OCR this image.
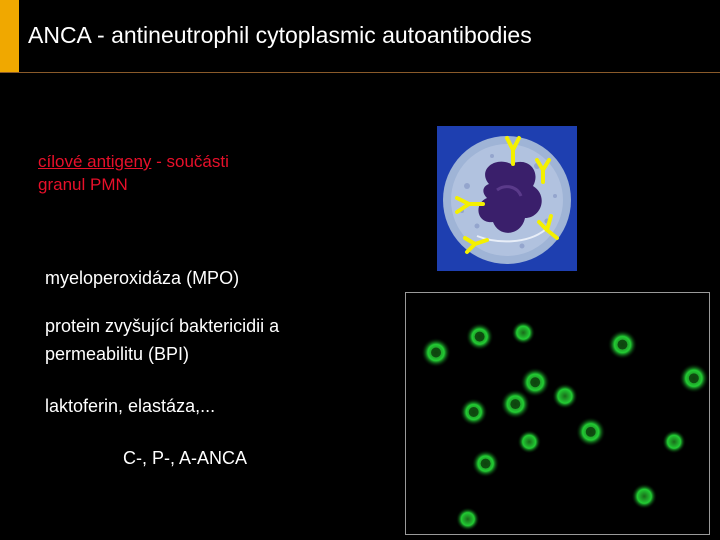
ANCA - antineutrophil cytoplasmic autoantibodies
cílové antigeny - součásti
granul PMN
myeloperoxidáza (MPO)
protein zvyšující baktericidii a
permeabilitu (BPI)
laktoferin, elastáza,...
C-, P-, A-ANCA
